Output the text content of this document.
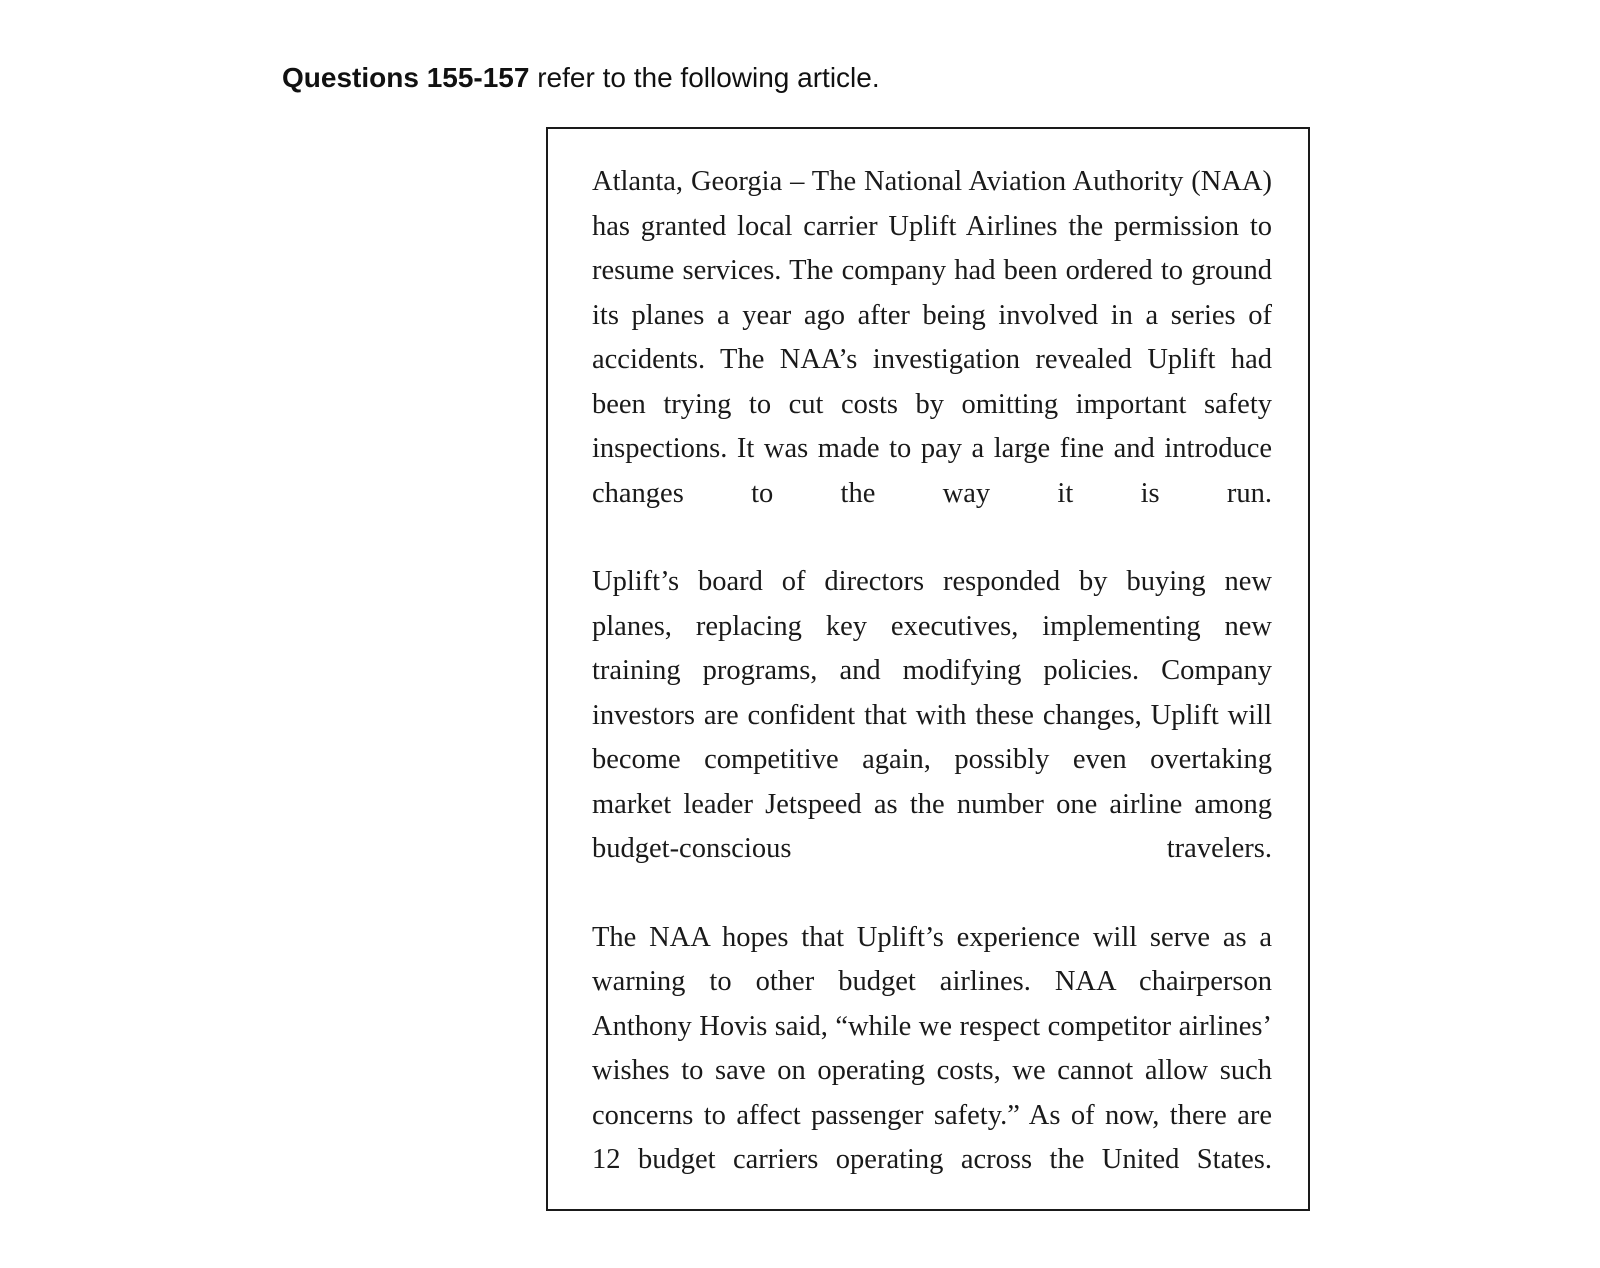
Questions 155-157 refer to the following article.

Atlanta, Georgia – The National Aviation Authority (NAA) has granted local carrier Uplift Airlines the permission to resume services. The company had been ordered to ground its planes a year ago after being involved in a series of accidents. The NAA’s investigation revealed Uplift had been trying to cut costs by omitting important safety inspections. It was made to pay a large fine and introduce changes to the way it is run.

Uplift’s board of directors responded by buying new planes, replacing key executives, implementing new training programs, and modifying policies. Company investors are confident that with these changes, Uplift will become competitive again, possibly even overtaking market leader Jetspeed as the number one airline among budget-conscious travelers.

The NAA hopes that Uplift’s experience will serve as a warning to other budget airlines. NAA chairperson Anthony Hovis said, “while we respect competitor airlines’ wishes to save on operating costs, we cannot allow such concerns to affect passenger safety.” As of now, there are 12 budget carriers operating across the United States.
